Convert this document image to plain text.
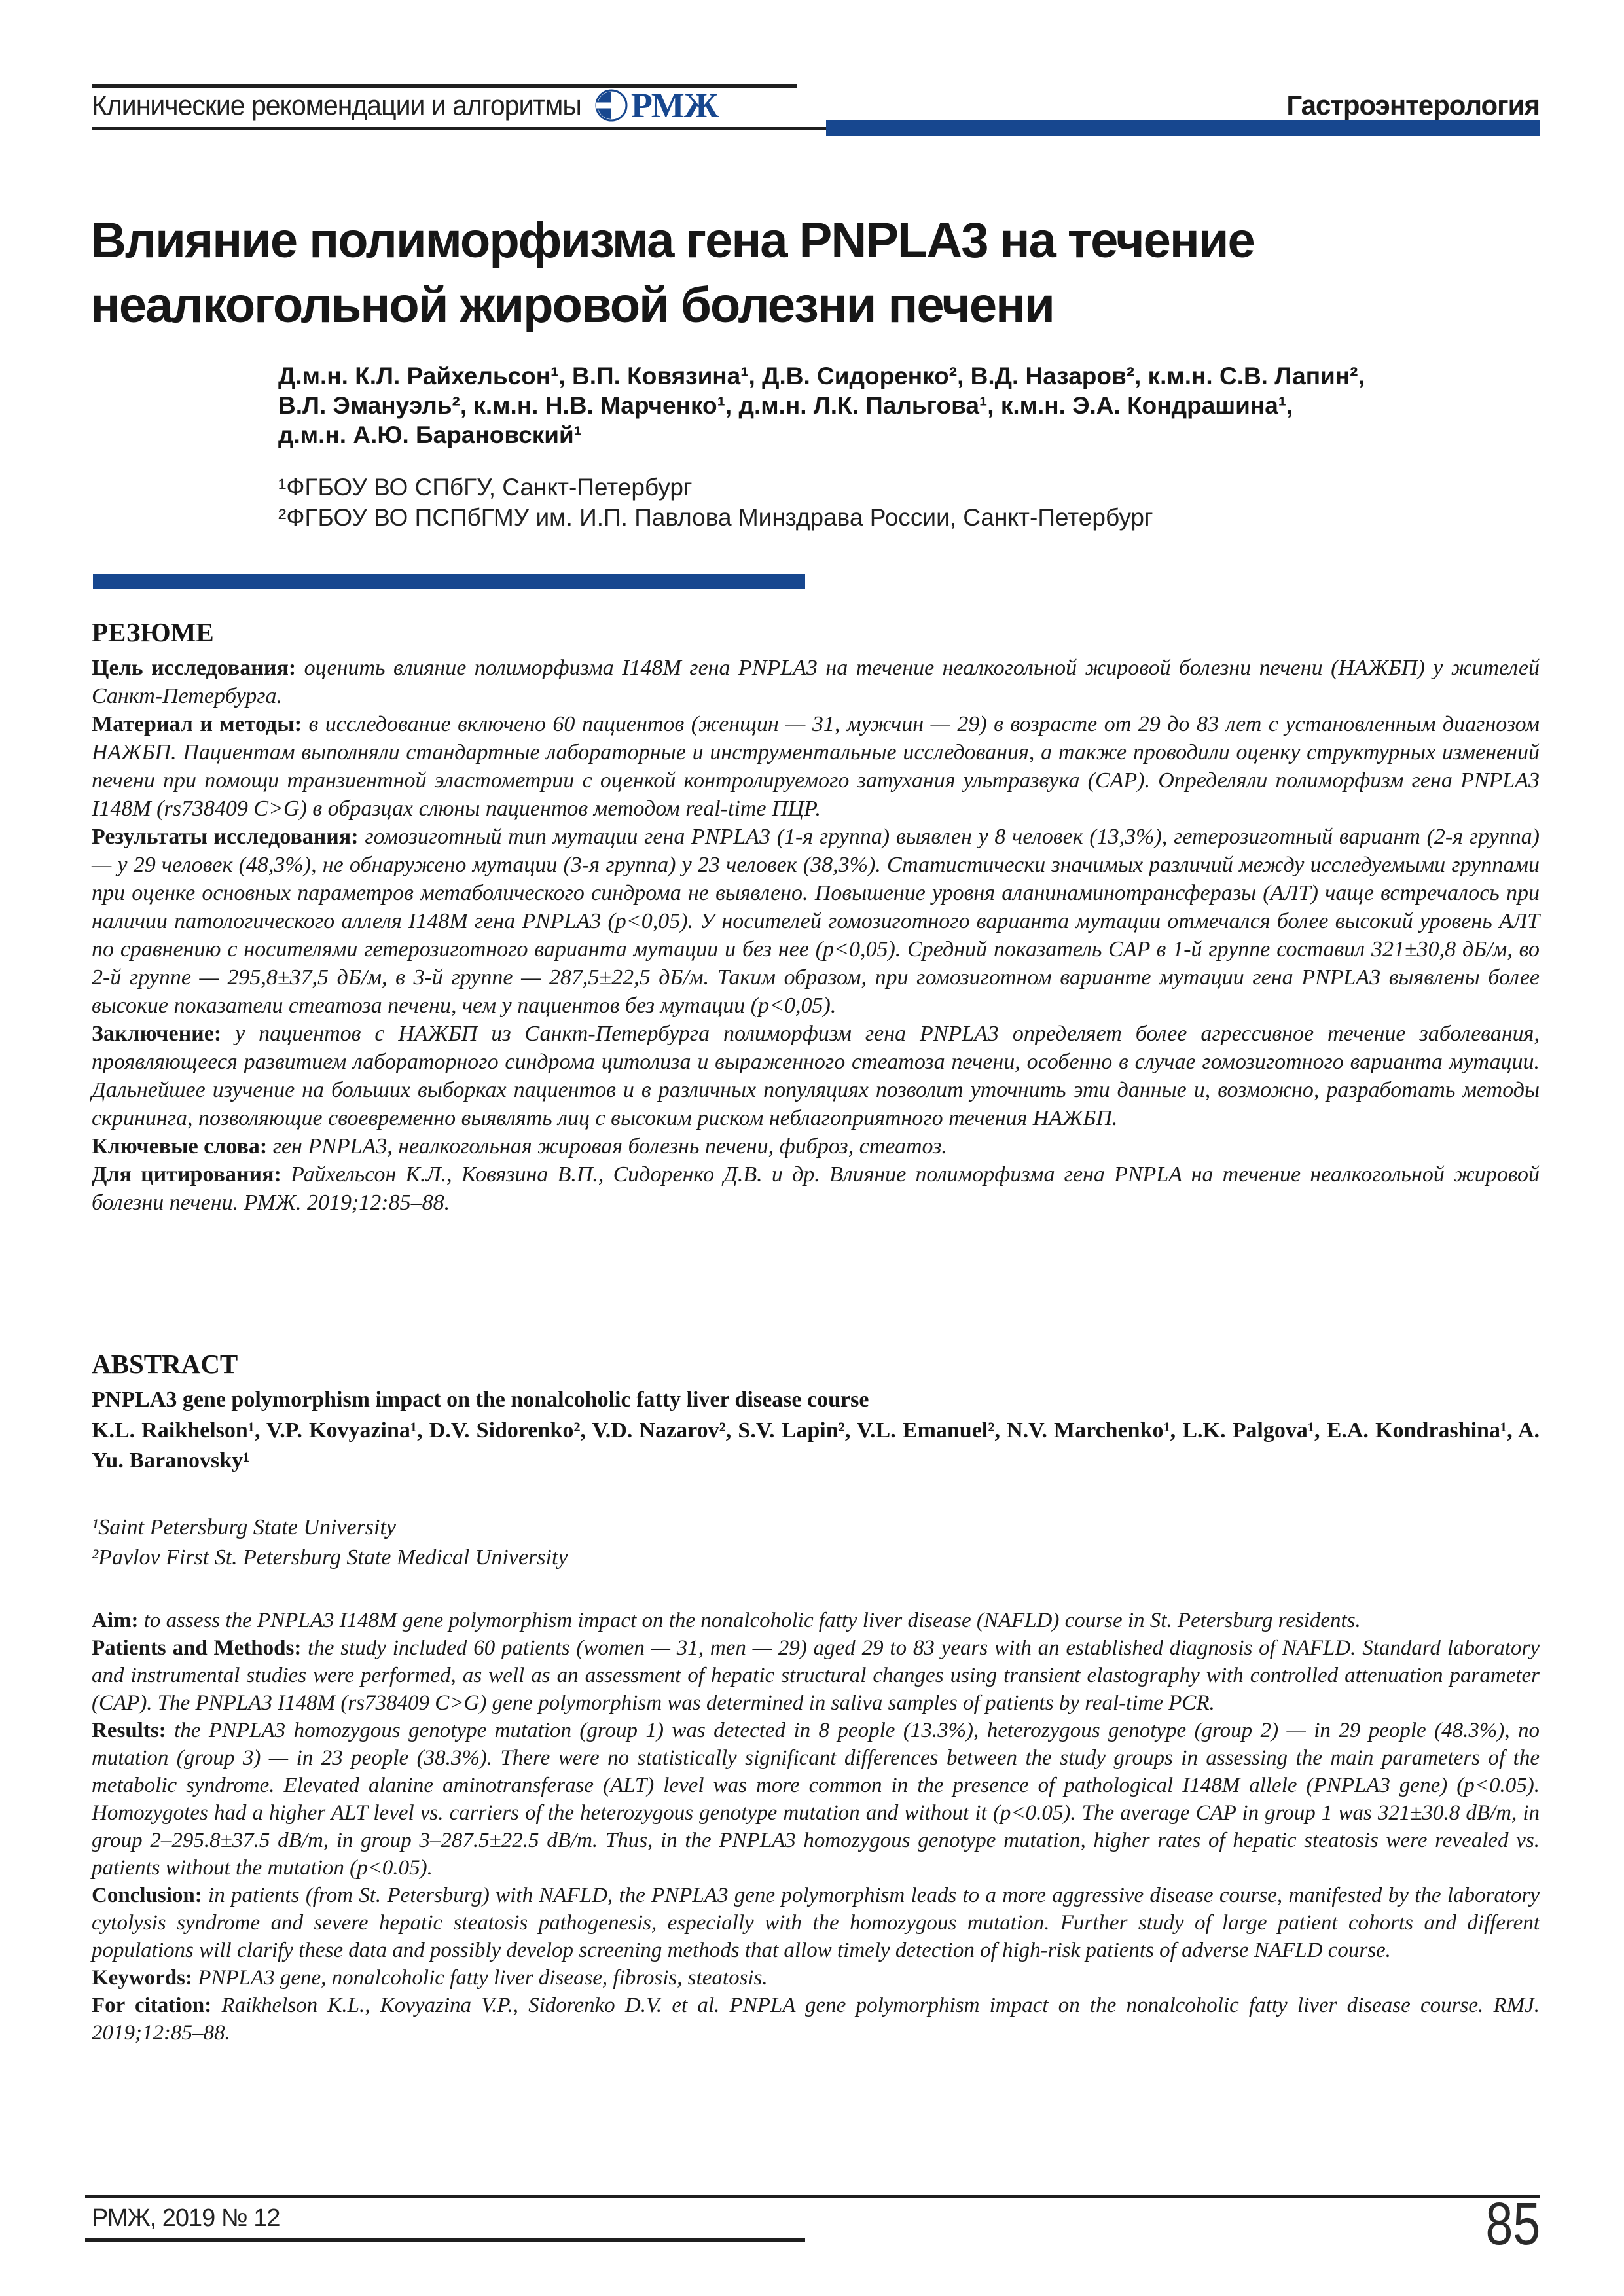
Клинические рекомендации и алгоритмы РМЖ	Гастроэнтерология
Влияние полиморфизма гена PNPLA3 на течение
неалкогольной жировой болезни печени
Д.м.н. К.Л. Райхельсон¹, В.П. Ковязина¹, Д.В. Сидоренко², В.Д. Назаров², к.м.н. С.В. Лапин²,
В.Л. Эмануэль², к.м.н. Н.В. Марченко¹, д.м.н. Л.К. Пальгова¹, к.м.н. Э.А. Кондрашина¹,
д.м.н. А.Ю. Барановский¹
¹ФГБОУ ВО СПбГУ, Санкт-Петербург
²ФГБОУ ВО ПСПбГМУ им. И.П. Павлова Минздрава России, Санкт-Петербург
РЕЗЮМЕ

Цель исследования: оценить влияние полиморфизма I148M гена PNPLA3 на течение неалкогольной жировой болезни печени (НАЖБП) у жителей Санкт-Петербурга.

Материал и методы: в исследование включено 60 пациентов (женщин — 31, мужчин — 29) в возрасте от 29 до 83 лет с установленным диагнозом НАЖБП. Пациентам выполняли стандартные лабораторные и инструментальные исследования, а также проводили оценку структурных изменений печени при помощи транзиентной эластометрии с оценкой контролируемого затухания ультразвука (CAP). Определяли полиморфизм гена PNPLA3 I148M (rs738409 C>G) в образцах слюны пациентов методом real-time ПЦР.

Результаты исследования: гомозиготный тип мутации гена PNPLA3 (1-я группа) выявлен у 8 человек (13,3%), гетерозиготный вариант (2-я группа) — у 29 человек (48,3%), не обнаружено мутации (3-я группа) у 23 человек (38,3%). Статистически значимых различий между исследуемыми группами при оценке основных параметров метаболического синдрома не выявлено. Повышение уровня аланинаминотрансферазы (АЛТ) чаще встречалось при наличии патологического аллеля I148M гена PNPLA3 (p<0,05). У носителей гомозиготного варианта мутации отмечался более высокий уровень АЛТ по сравнению с носителями гетерозиготного варианта мутации и без нее (p<0,05). Средний показатель CAP в 1-й группе составил 321±30,8 дБ/м, во 2-й группе — 295,8±37,5 дБ/м, в 3-й группе — 287,5±22,5 дБ/м. Таким образом, при гомозиготном варианте мутации гена PNPLA3 выявлены более высокие показатели стеатоза печени, чем у пациентов без мутации (p<0,05).

Заключение: у пациентов с НАЖБП из Санкт-Петербурга полиморфизм гена PNPLA3 определяет более агрессивное течение заболевания, проявляющееся развитием лабораторного синдрома цитолиза и выраженного стеатоза печени, особенно в случае гомозиготного варианта мутации. Дальнейшее изучение на больших выборках пациентов и в различных популяциях позволит уточнить эти данные и, возможно, разработать методы скрининга, позволяющие своевременно выявлять лиц с высоким риском неблагоприятного течения НАЖБП.

Ключевые слова: ген PNPLA3, неалкогольная жировая болезнь печени, фиброз, стеатоз.

Для цитирования: Райхельсон К.Л., Ковязина В.П., Сидоренко Д.В. и др. Влияние полиморфизма гена PNPLA на течение неалкогольной жировой болезни печени. РМЖ. 2019;12:85–88.

ABSTRACT

PNPLA3 gene polymorphism impact on the nonalcoholic fatty liver disease course

K.L. Raikhelson¹, V.P. Kovyazina¹, D.V. Sidorenko², V.D. Nazarov², S.V. Lapin², V.L. Emanuel², N.V. Marchenko¹, L.K. Palgova¹, E.A. Kondrashina¹, A. Yu. Baranovsky¹

¹Saint Petersburg State University
²Pavlov First St. Petersburg State Medical University

Aim: to assess the PNPLA3 I148M gene polymorphism impact on the nonalcoholic fatty liver disease (NAFLD) course in St. Petersburg residents.

Patients and Methods: the study included 60 patients (women — 31, men — 29) aged 29 to 83 years with an established diagnosis of NAFLD. Standard laboratory and instrumental studies were performed, as well as an assessment of hepatic structural changes using transient elastography with controlled attenuation parameter (CAP). The PNPLA3 I148M (rs738409 C>G) gene polymorphism was determined in saliva samples of patients by real-time PCR.

Results: the PNPLA3 homozygous genotype mutation (group 1) was detected in 8 people (13.3%), heterozygous genotype (group 2) — in 29 people (48.3%), no mutation (group 3) — in 23 people (38.3%). There were no statistically significant differences between the study groups in assessing the main parameters of the metabolic syndrome. Elevated alanine aminotransferase (ALT) level was more common in the presence of pathological I148M allele (PNPLA3 gene) (p<0.05). Homozygotes had a higher ALT level vs. carriers of the heterozygous genotype mutation and without it (p<0.05). The average CAP in group 1 was 321±30.8 dB/m, in group 2–295.8±37.5 dB/m, in group 3–287.5±22.5 dB/m. Thus, in the PNPLA3 homozygous genotype mutation, higher rates of hepatic steatosis were revealed vs. patients without the mutation (p<0.05).

Conclusion: in patients (from St. Petersburg) with NAFLD, the PNPLA3 gene polymorphism leads to a more aggressive disease course, manifested by the laboratory cytolysis syndrome and severe hepatic steatosis pathogenesis, especially with the homozygous mutation. Further study of large patient cohorts and different populations will clarify these data and possibly develop screening methods that allow timely detection of high-risk patients of adverse NAFLD course.

Keywords: PNPLA3 gene, nonalcoholic fatty liver disease, fibrosis, steatosis.

For citation: Raikhelson K.L., Kovyazina V.P., Sidorenko D.V. et al. PNPLA gene polymorphism impact on the nonalcoholic fatty liver disease course. RMJ. 2019;12:85–88.

РМЖ, 2019 № 12	85
